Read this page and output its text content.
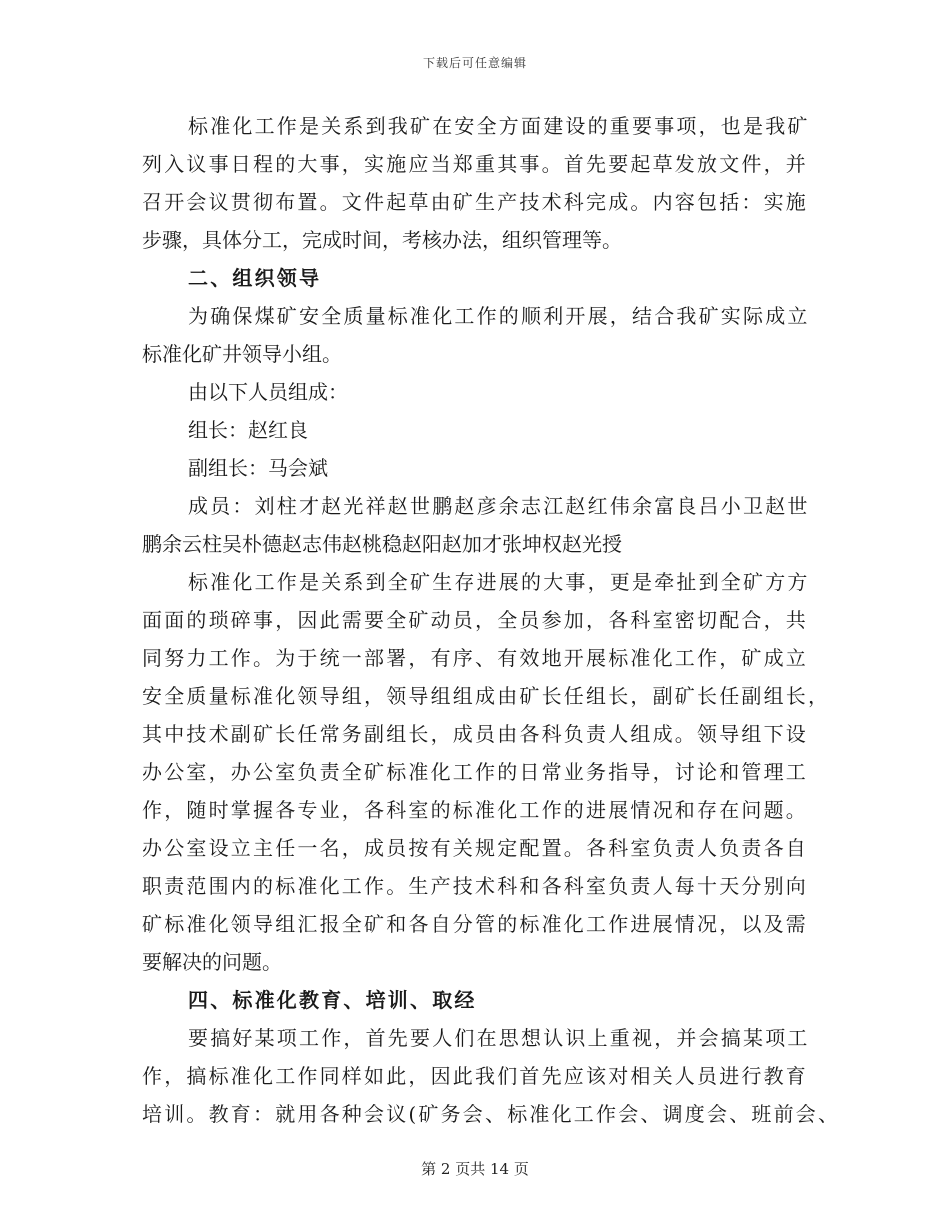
下载后可任意编辑
标准化工作是关系到我矿在安全方面建设的重要事项，也是我矿
列入议事日程的大事，实施应当郑重其事。首先要起草发放文件，并
召开会议贯彻布置。文件起草由矿生产技术科完成。内容包括：实施
步骤，具体分工，完成时间，考核办法，组织管理等。
二、组织领导
为确保煤矿安全质量标准化工作的顺利开展，结合我矿实际成立
标准化矿井领导小组。
由以下人员组成：
组长：赵红良
副组长：马会斌
成员：刘柱才赵光祥赵世鹏赵彦余志江赵红伟余富良吕小卫赵世
鹏余云柱吴朴德赵志伟赵桃稳赵阳赵加才张坤权赵光授
标准化工作是关系到全矿生存进展的大事，更是牵扯到全矿方方
面面的琐碎事，因此需要全矿动员，全员参加，各科室密切配合，共
同努力工作。为于统一部署，有序、有效地开展标准化工作，矿成立
安全质量标准化领导组，领导组组成由矿长任组长，副矿长任副组长，
其中技术副矿长任常务副组长，成员由各科负责人组成。领导组下设
办公室，办公室负责全矿标准化工作的日常业务指导，讨论和管理工
作，随时掌握各专业，各科室的标准化工作的进展情况和存在问题。
办公室设立主任一名，成员按有关规定配置。各科室负责人负责各自
职责范围内的标准化工作。生产技术科和各科室负责人每十天分别向
矿标准化领导组汇报全矿和各自分管的标准化工作进展情况，以及需
要解决的问题。
四、标准化教育、培训、取经
要搞好某项工作，首先要人们在思想认识上重视，并会搞某项工
作，搞标准化工作同样如此，因此我们首先应该对相关人员进行教育
培训。教育：就用各种会议(矿务会、标准化工作会、调度会、班前会、
第 2 页共 14 页
